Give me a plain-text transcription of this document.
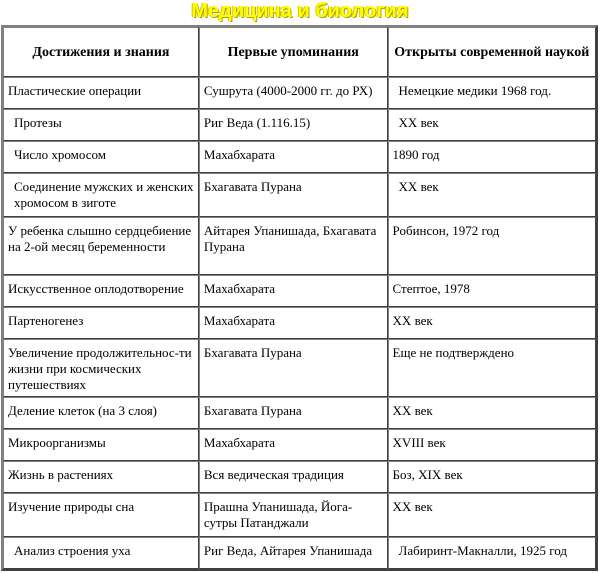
Медицина и биология
Достижения и знания	Первые упоминания	Открыты современной наукой
Пластические операции	Сушрута (4000-2000 гг. до РХ)	Немецкие медики 1968 год.
Протезы	Риг Веда (1.116.15)	XX век
Число хромосом	Махабхарата	1890 год
Соединение мужских и женских хромосом в зиготе	Бхагавата Пурана	XX век
У ребенка слышно сердцебиение на 2-ой месяц беременности	Айтарея Упанишада, Бхагавата Пурана	Робинсон, 1972 год
Искусственное оплодотворение	Махабхарата	Стептое, 1978
Партеногенез	Махабхарата	XX век
Увеличение продолжительнос-ти жизни при космических путешествиях	Бхагавата Пурана	Еще не подтверждено
Деление клеток (на 3 слоя)	Бхагавата Пурана	XX век
Микроорганизмы	Махабхарата	XVIII век
Жизнь в растениях	Вся ведическая традиция	Боз, XIX век
Изучение природы сна	Прашна Упанишада, Йога-сутры Патанджали	XX век
Анализ строения уха	Риг Веда, Айтарея Упанишада	Лабиринт-Макналли, 1925 год
